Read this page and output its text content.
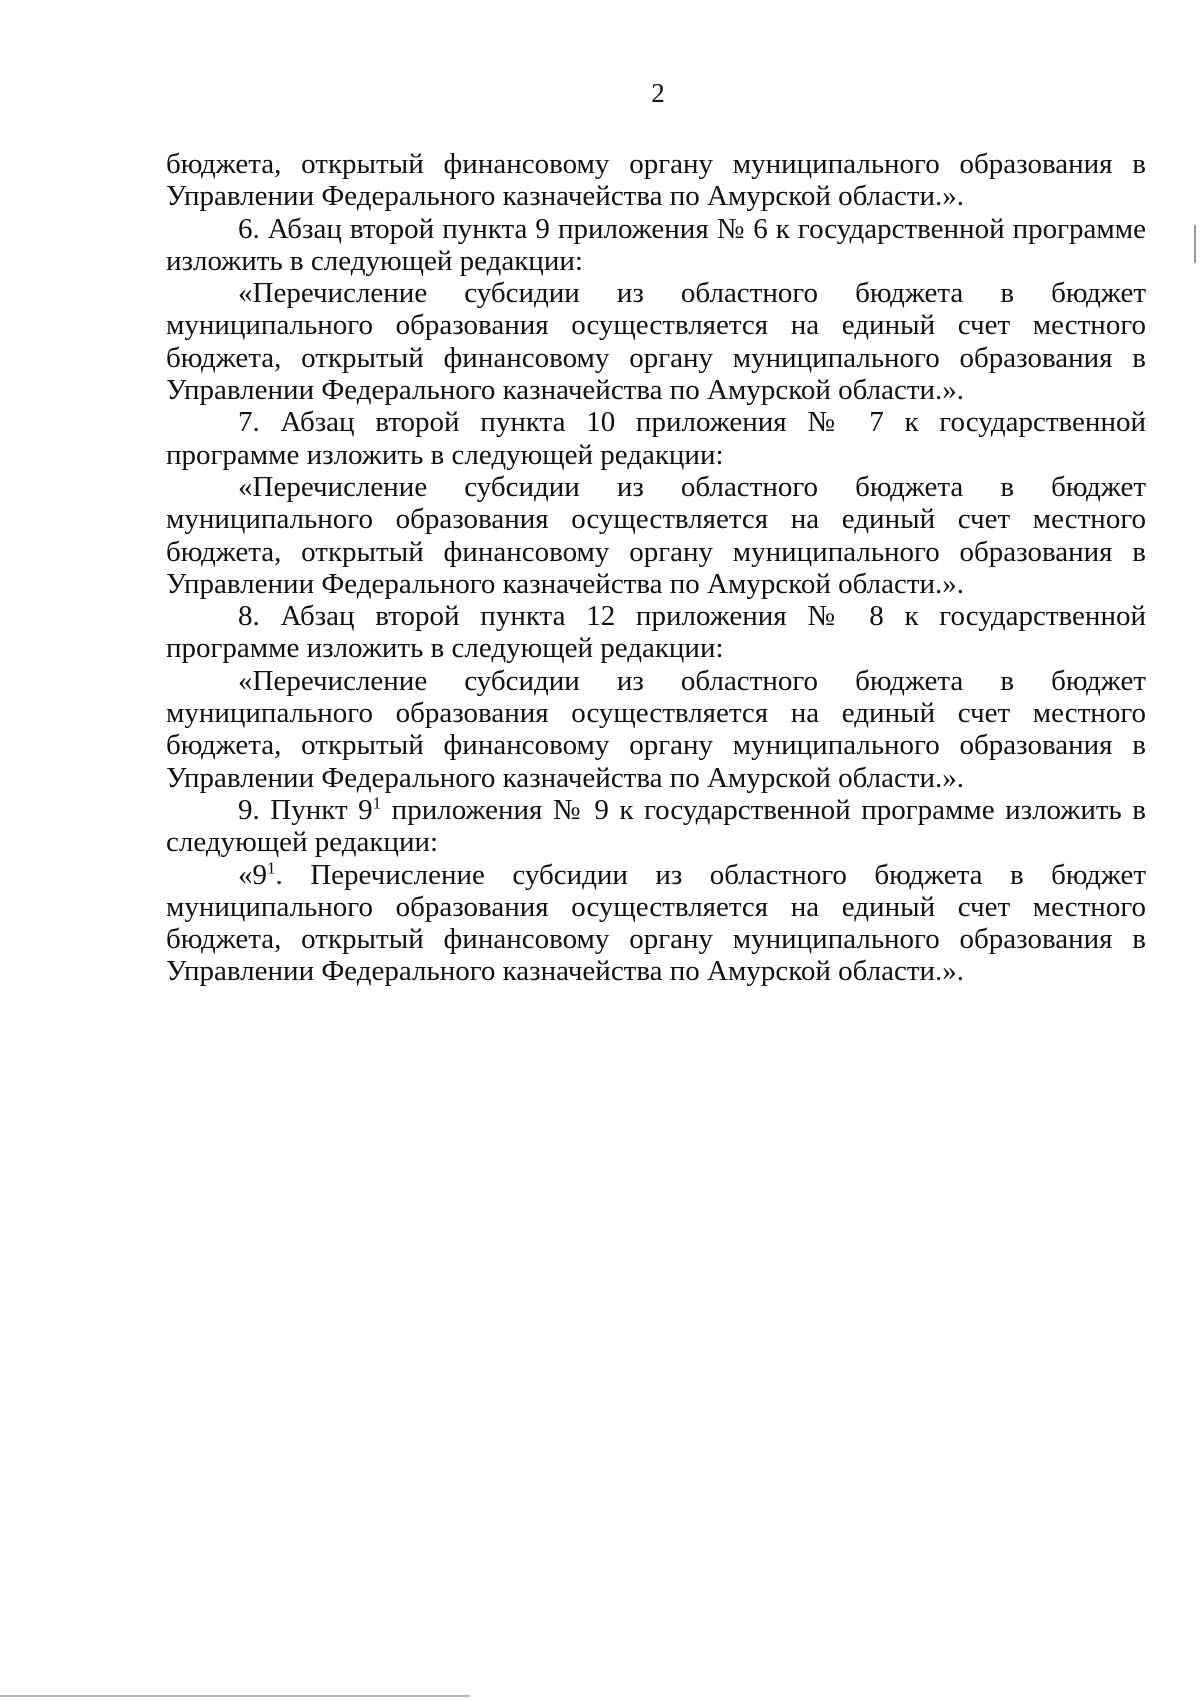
2

бюджета, открытый финансовому органу муниципального образования в Управлении Федерального казначейства по Амурской области.».

6. Абзац второй пункта 9 приложения № 6 к государственной программе изложить в следующей редакции:

«Перечисление субсидии из областного бюджета в бюджет муниципального образования осуществляется на единый счет местного бюджета, открытый финансовому органу муниципального образования в Управлении Федерального казначейства по Амурской области.».

7. Абзац второй пункта 10 приложения № 7 к государственной программе изложить в следующей редакции:

«Перечисление субсидии из областного бюджета в бюджет муниципального образования осуществляется на единый счет местного бюджета, открытый финансовому органу муниципального образования в Управлении Федерального казначейства по Амурской области.».

8. Абзац второй пункта 12 приложения № 8 к государственной программе изложить в следующей редакции:

«Перечисление субсидии из областного бюджета в бюджет муниципального образования осуществляется на единый счет местного бюджета, открытый финансовому органу муниципального образования в Управлении Федерального казначейства по Амурской области.».

9. Пункт $9^1$ приложения № 9 к государственной программе изложить в следующей редакции:

«$9^1$. Перечисление субсидии из областного бюджета в бюджет муниципального образования осуществляется на единый счет местного бюджета, открытый финансовому органу муниципального образования в Управлении Федерального казначейства по Амурской области.».
